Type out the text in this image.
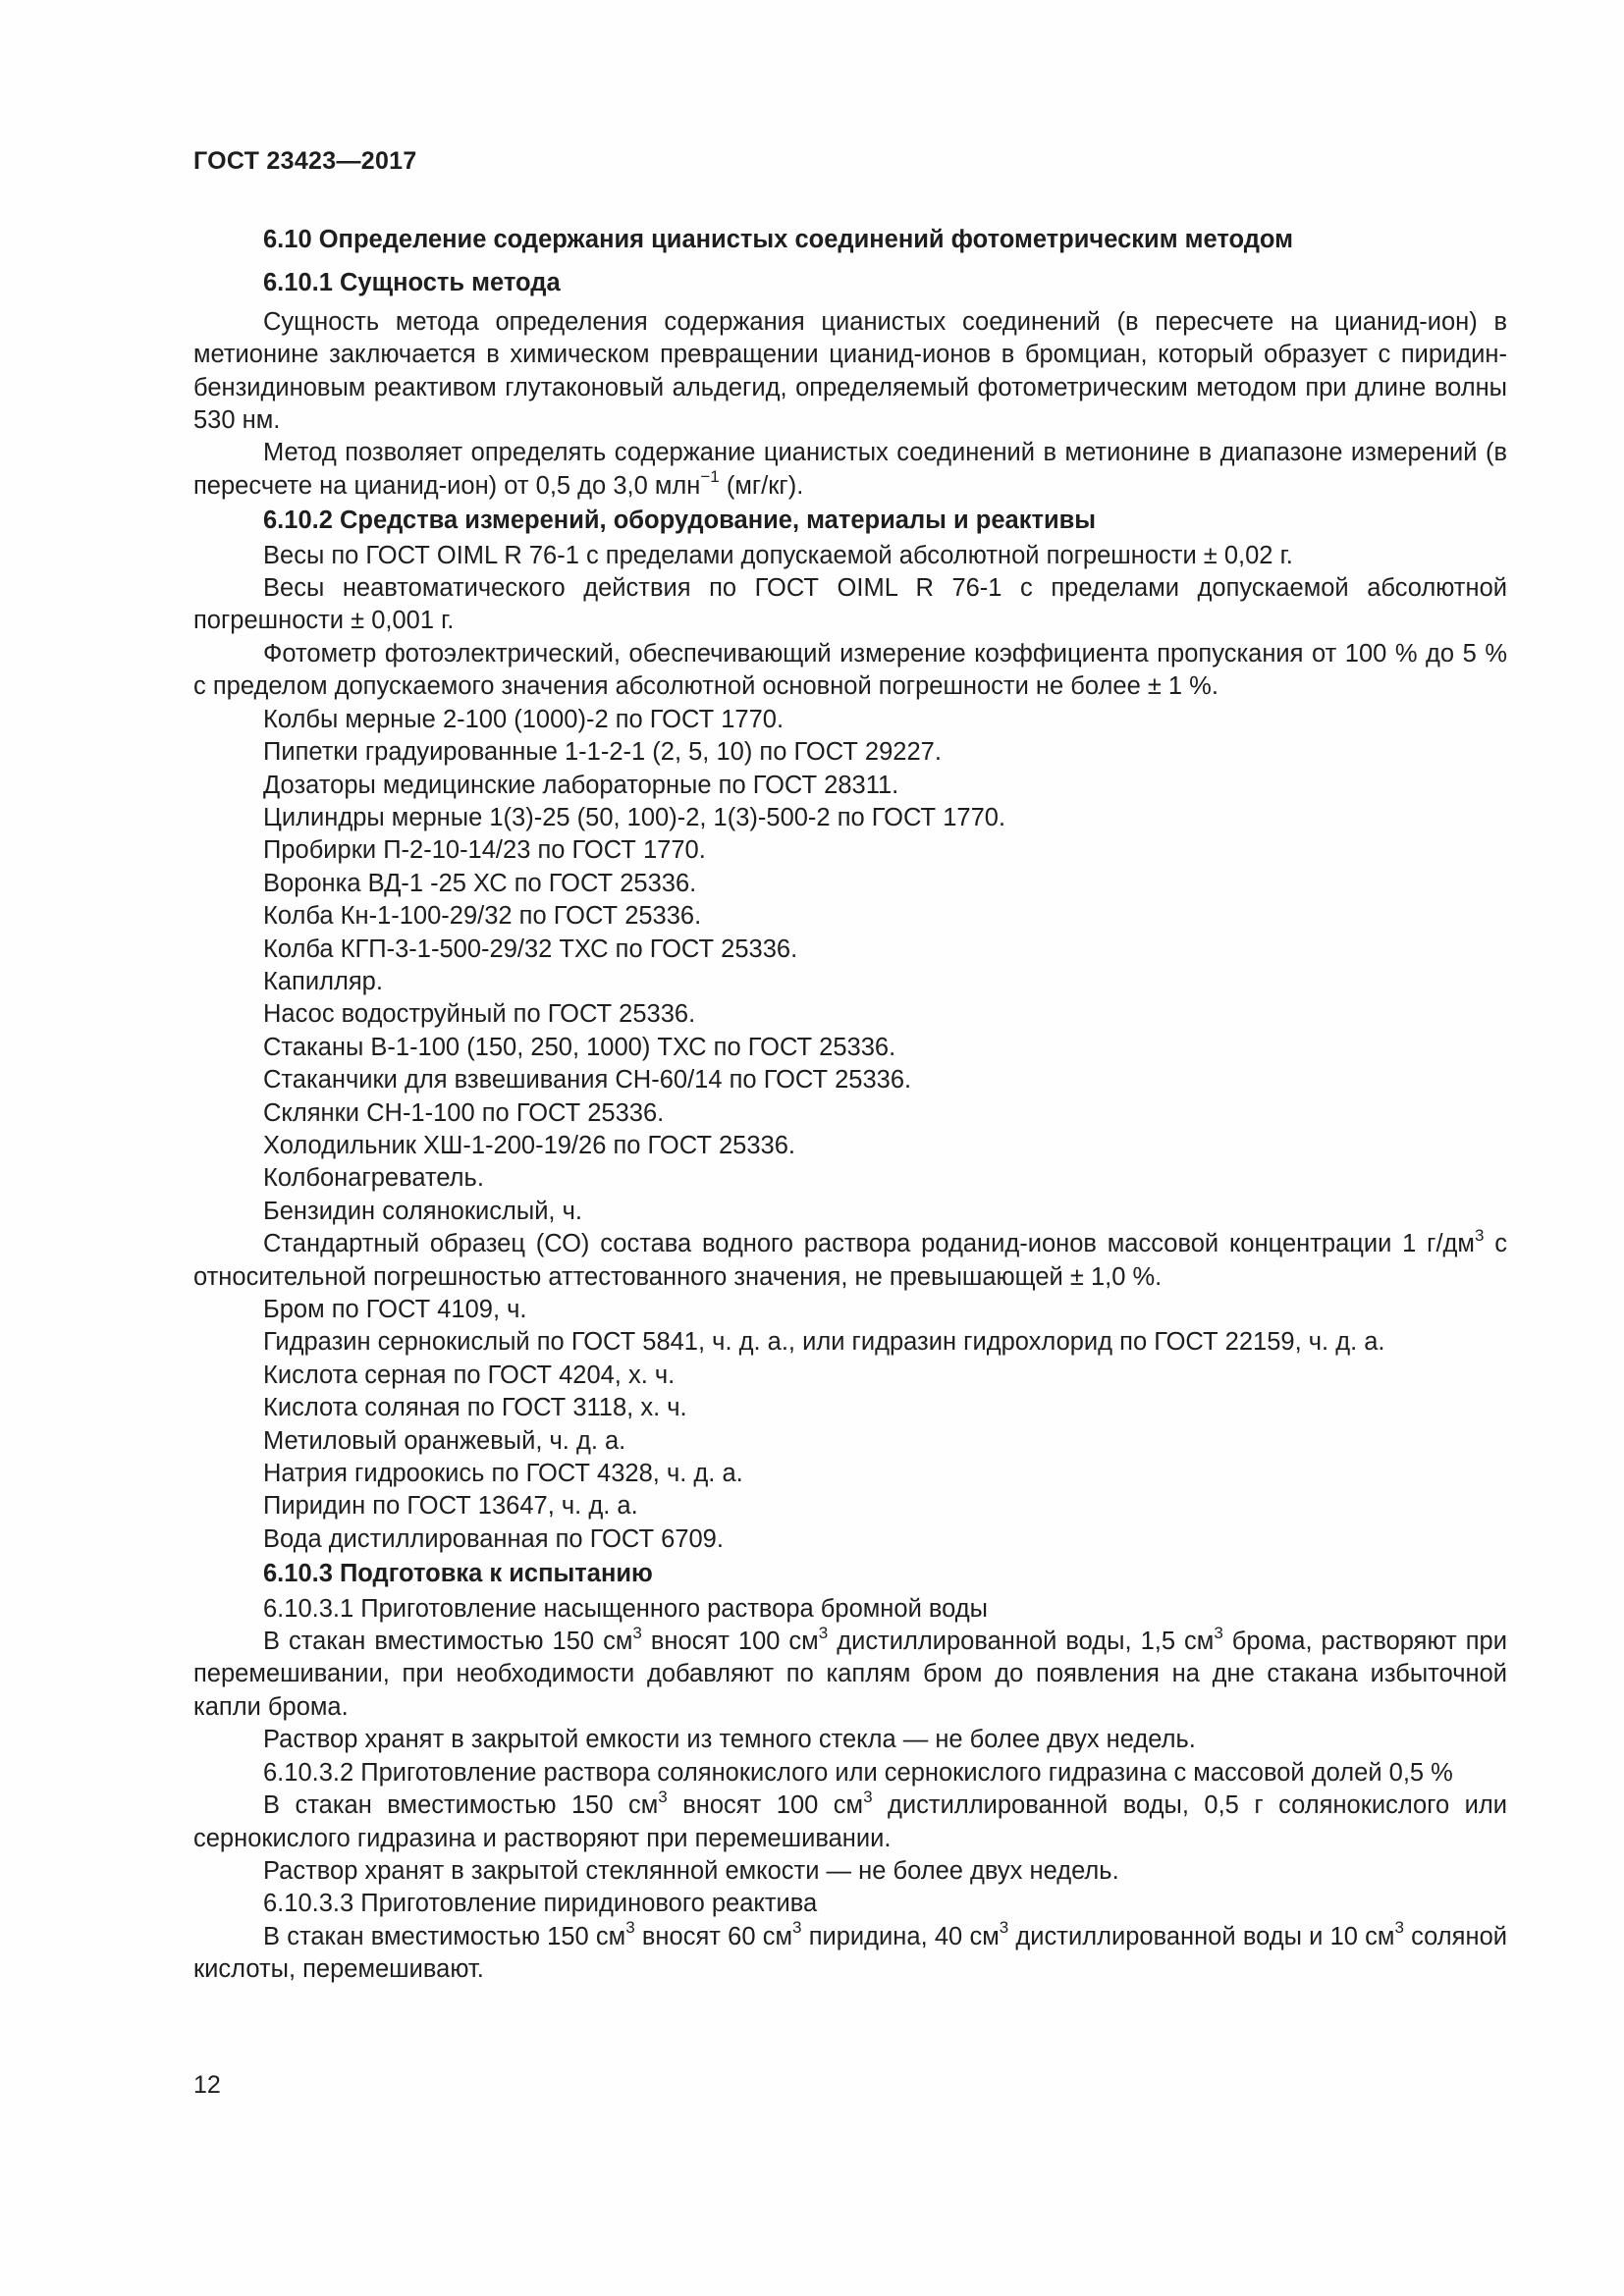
ГОСТ 23423—2017

6.10 Определение содержания цианистых соединений фотометрическим методом

6.10.1 Сущность метода

Сущность метода определения содержания цианистых соединений (в пересчете на цианид-ион) в метионине заключается в химическом превращении цианид-ионов в бромциан, который образует с пиридин-бензидиновым реактивом глутаконовый альдегид, определяемый фотометрическим методом при длине волны 530 нм.

Метод позволяет определять содержание цианистых соединений в метионине в диапазоне измерений (в пересчете на цианид-ион) от 0,5 до 3,0 млн$^{-1}$ (мг/кг).

6.10.2 Средства измерений, оборудование, материалы и реактивы

Весы по ГОСТ OIML R 76-1 с пределами допускаемой абсолютной погрешности ± 0,02 г.

Весы неавтоматического действия по ГОСТ OIML R 76-1 с пределами допускаемой абсолютной погрешности ± 0,001 г.

Фотометр фотоэлектрический, обеспечивающий измерение коэффициента пропускания от 100 % до 5 % с пределом допускаемого значения абсолютной основной погрешности не более ± 1 %.

Колбы мерные 2-100 (1000)-2 по ГОСТ 1770.

Пипетки градуированные 1-1-2-1 (2, 5, 10) по ГОСТ 29227.

Дозаторы медицинские лабораторные по ГОСТ 28311.

Цилиндры мерные 1(3)-25 (50, 100)-2, 1(3)-500-2 по ГОСТ 1770.

Пробирки П-2-10-14/23 по ГОСТ 1770.

Воронка ВД-1 -25 ХС по ГОСТ 25336.

Колба Кн-1-100-29/32 по ГОСТ 25336.

Колба КГП-3-1-500-29/32 ТХС по ГОСТ 25336.

Капилляр.

Насос водоструйный по ГОСТ 25336.

Стаканы В-1-100 (150, 250, 1000) ТХС по ГОСТ 25336.

Стаканчики для взвешивания СН-60/14 по ГОСТ 25336.

Склянки СН-1-100 по ГОСТ 25336.

Холодильник ХШ-1-200-19/26 по ГОСТ 25336.

Колбонагреватель.

Бензидин солянокислый, ч.

Стандартный образец (СО) состава водного раствора роданид-ионов массовой концентрации 1 $г/дм^3$ с относительной погрешностью аттестованного значения, не превышающей ± 1,0 %.

Бром по ГОСТ 4109, ч.

Гидразин сернокислый по ГОСТ 5841, ч. д. а., или гидразин гидрохлорид по ГОСТ 22159, ч. д. а.

Кислота серная по ГОСТ 4204, х. ч.

Кислота соляная по ГОСТ 3118, х. ч.

Метиловый оранжевый, ч. д. а.

Натрия гидроокись по ГОСТ 4328, ч. д. а.

Пиридин по ГОСТ 13647, ч. д. а.

Вода дистиллированная по ГОСТ 6709.

6.10.3 Подготовка к испытанию

6.10.3.1 Приготовление насыщенного раствора бромной воды

В стакан вместимостью 150 $см^3$ вносят 100 $см^3$ дистиллированной воды, 1,5 $см^3$ брома, растворяют при перемешивании, при необходимости добавляют по каплям бром до появления на дне стакана избыточной капли брома.

Раствор хранят в закрытой емкости из темного стекла — не более двух недель.

6.10.3.2 Приготовление раствора солянокислого или сернокислого гидразина с массовой долей 0,5 %

В стакан вместимостью 150 $см^3$ вносят 100 $см^3$ дистиллированной воды, 0,5 г солянокислого или сернокислого гидразина и растворяют при перемешивании.

Раствор хранят в закрытой стеклянной емкости — не более двух недель.

6.10.3.3 Приготовление пиридинового реактива

В стакан вместимостью 150 $см^3$ вносят 60 $см^3$ пиридина, 40 $см^3$ дистиллированной воды и 10 $см^3$ соляной кислоты, перемешивают.

12
